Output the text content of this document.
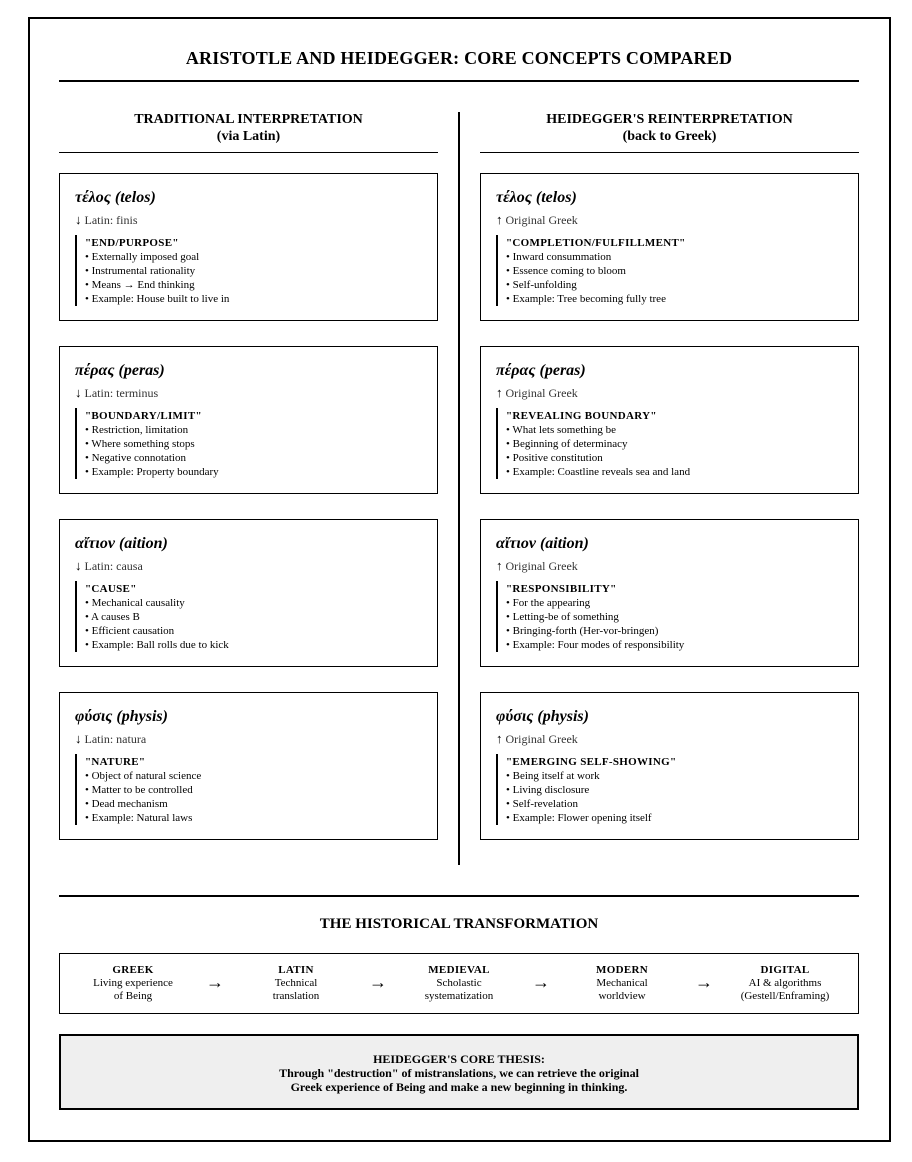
ARISTOTLE AND HEIDEGGER: CORE CONCEPTS COMPARED
TRADITIONAL INTERPRETATION
(via Latin)
HEIDEGGER'S REINTERPRETATION
(back to Greek)
τέλος (telos)
↓ Latin: finis
"END/PURPOSE"
• Externally imposed goal
• Instrumental rationality
• Means → End thinking
• Example: House built to live in
τέλος (telos)
↑ Original Greek
"COMPLETION/FULFILLMENT"
• Inward consummation
• Essence coming to bloom
• Self-unfolding
• Example: Tree becoming fully tree
πέρας (peras)
↓ Latin: terminus
"BOUNDARY/LIMIT"
• Restriction, limitation
• Where something stops
• Negative connotation
• Example: Property boundary
πέρας (peras)
↑ Original Greek
"REVEALING BOUNDARY"
• What lets something be
• Beginning of determinacy
• Positive constitution
• Example: Coastline reveals sea and land
αἴτιον (aition)
↓ Latin: causa
"CAUSE"
• Mechanical causality
• A causes B
• Efficient causation
• Example: Ball rolls due to kick
αἴτιον (aition)
↑ Original Greek
"RESPONSIBILITY"
• For the appearing
• Letting-be of something
• Bringing-forth (Her-vor-bringen)
• Example: Four modes of responsibility
φύσις (physis)
↓ Latin: natura
"NATURE"
• Object of natural science
• Matter to be controlled
• Dead mechanism
• Example: Natural laws
φύσις (physis)
↑ Original Greek
"EMERGING SELF-SHOWING"
• Being itself at work
• Living disclosure
• Self-revelation
• Example: Flower opening itself
THE HISTORICAL TRANSFORMATION
GREEK
Living experience
of Being
→
LATIN
Technical
translation
→
MEDIEVAL
Scholastic
systematization
→
MODERN
Mechanical
worldview
→
DIGITAL
AI & algorithms
(Gestell/Enframing)
HEIDEGGER'S CORE THESIS:
Through "destruction" of mistranslations, we can retrieve the original
Greek experience of Being and make a new beginning in thinking.
